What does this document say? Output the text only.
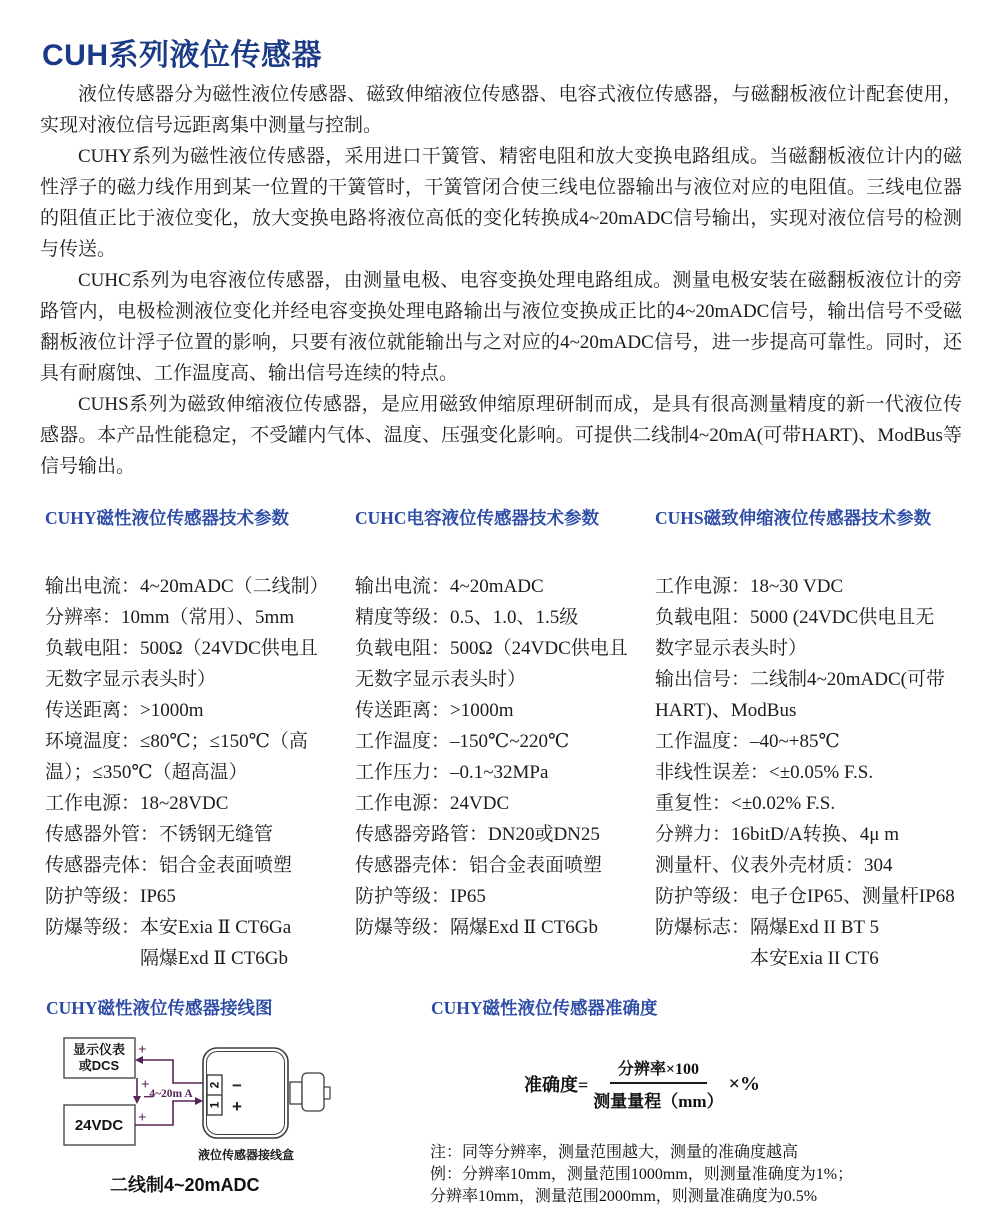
CUH系列液位传感器

液位传感器分为磁性液位传感器、磁致伸缩液位传感器、电容式液位传感器，与磁翻板液位计配套使用，实现对液位信号远距离集中测量与控制。

CUHY系列为磁性液位传感器，采用进口干簧管、精密电阻和放大变换电路组成。当磁翻板液位计内的磁性浮子的磁力线作用到某一位置的干簧管时，干簧管闭合使三线电位器输出与液位对应的电阻值。三线电位器的阻值正比于液位变化，放大变换电路将液位高低的变化转换成4~20mADC信号输出，实现对液位信号的检测与传送。

CUHC系列为电容液位传感器，由测量电极、电容变换处理电路组成。测量电极安装在磁翻板液位计的旁路管内，电极检测液位变化并经电容变换处理电路输出与液位变换成正比的4~20mADC信号，输出信号不受磁翻板液位计浮子位置的影响，只要有液位就能输出与之对应的4~20mADC信号，进一步提高可靠性。同时，还具有耐腐蚀、工作温度高、输出信号连续的特点。

CUHS系列为磁致伸缩液位传感器，是应用磁致伸缩原理研制而成，是具有很高测量精度的新一代液位传感器。本产品性能稳定，不受罐内气体、温度、压强变化影响。可提供二线制4~20mA(可带HART)、ModBus等信号输出。

CUHY磁性液位传感器技术参数
输出电流：4~20mADC（二线制）
分辨率：10mm（常用）、5mm
负载电阻：500Ω（24VDC供电且
无数字显示表头时）
传送距离：>1000m
环境温度：≤80℃；≤150℃（高
温）；≤350℃（超高温）
工作电源：18~28VDC
传感器外管：不锈钢无缝管
传感器壳体：铝合金表面喷塑
防护等级：IP65
防爆等级：本安Exia Ⅱ CT6Ga
隔爆Exd Ⅱ CT6Gb
CUHC电容液位传感器技术参数
输出电流：4~20mADC
精度等级：0.5、1.0、1.5级
负载电阻：500Ω（24VDC供电且
无数字显示表头时）
传送距离：>1000m
工作温度：–150℃~220℃
工作压力：–0.1~32MPa
工作电源：24VDC
传感器旁路管：DN20或DN25
传感器壳体：铝合金表面喷塑
防护等级：IP65
防爆等级：隔爆Exd Ⅱ CT6Gb
CUHS磁致伸缩液位传感器技术参数
工作电源：18~30 VDC
负载电阻：5000 (24VDC供电且无
数字显示表头时）
输出信号：二线制4~20mADC(可带
HART)、ModBus
工作温度：–40~+85℃
非线性误差：<±0.05% F.S.
重复性：<±0.02% F.S.
分辨力：16bitD/A转换、4μ m
测量杆、仪表外壳材质：304
防护等级：电子仓IP65、测量杆IP68
防爆标志：隔爆Exd II BT 5
本安Exia II CT6
CUHY磁性液位传感器接线图
显示仪表
或DCS
24VDC
2
1
−
+
+
+
−
+
4~20m A
液位传感器接线盒
二线制4~20mADC
CUHY磁性液位传感器准确度
准确度= $\frac{\text{分辨率×100}}{\text{测量量程（mm）}}$ ×%
注：同等分辨率，测量范围越大，测量的准确度越高
例：分辨率10mm，测量范围1000mm，则测量准确度为1%；
分辨率10mm，测量范围2000mm，则测量准确度为0.5%
